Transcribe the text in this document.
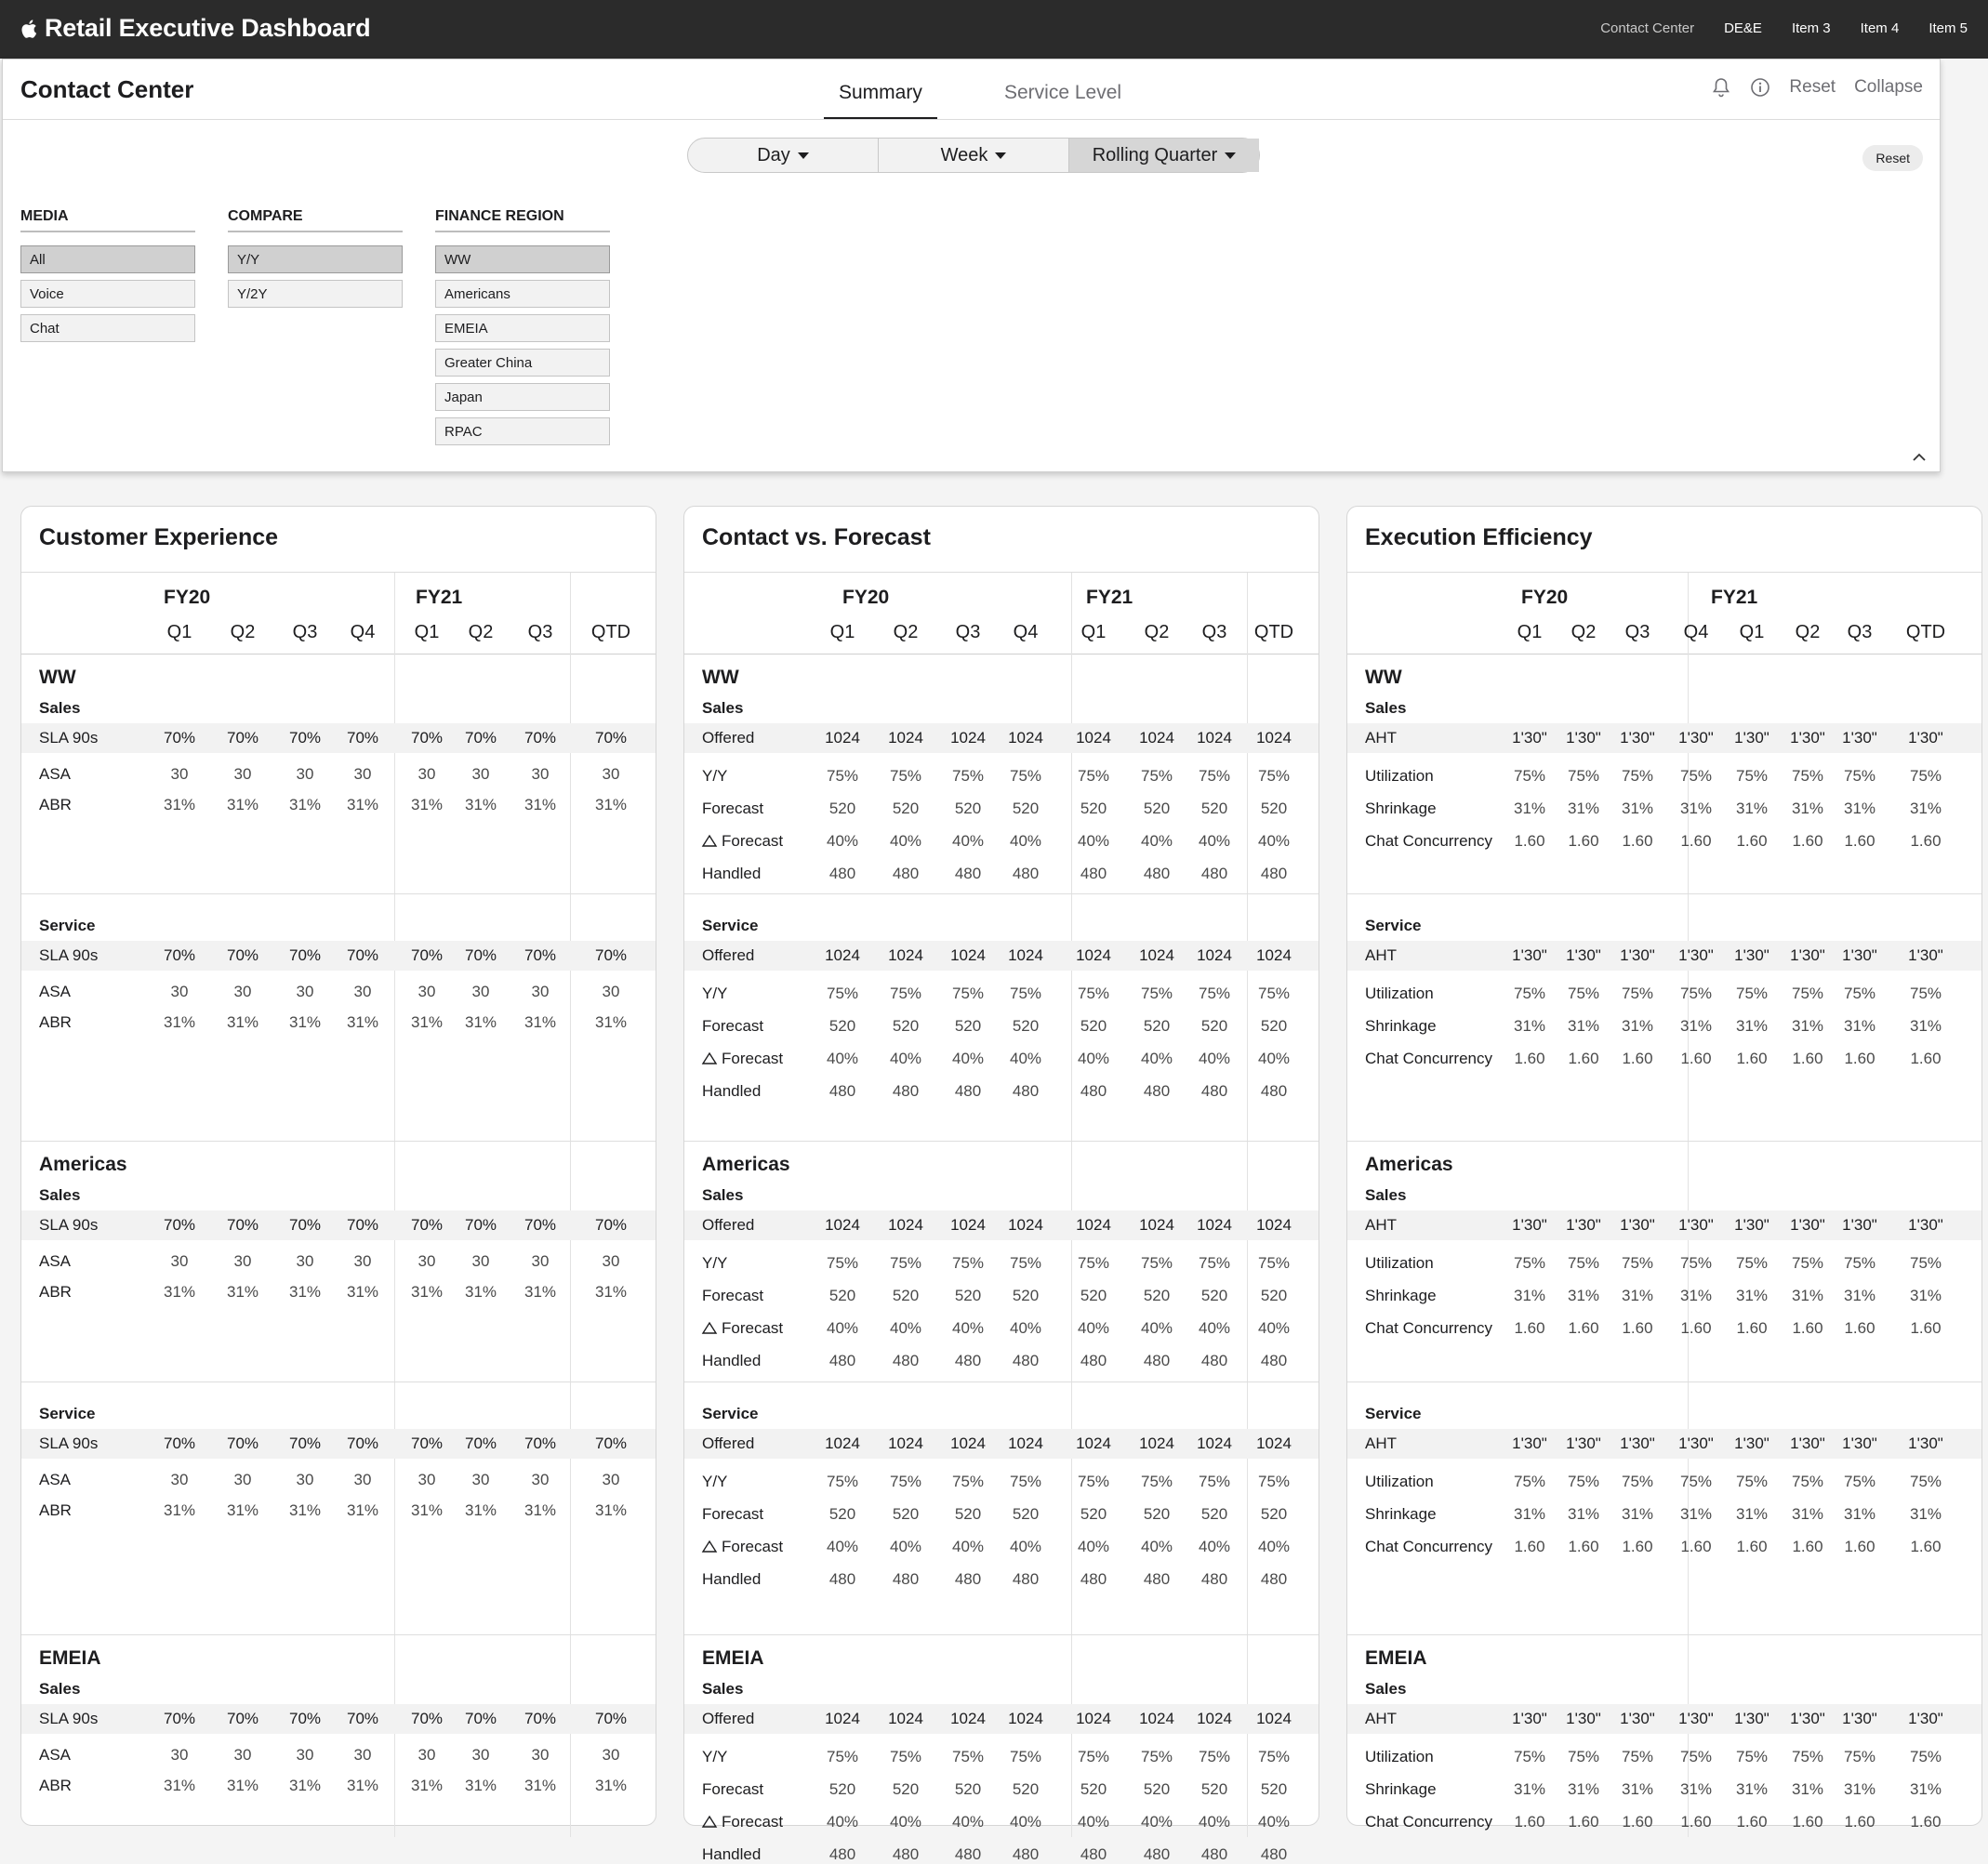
Retail Executive Dashboard	Contact Center DE&E Item 3 Item 4 Item 5
Contact Center	Summary	Service Level	Reset Collapse
Day	Week	Rolling Quarter	Reset
MEDIA
All
Voice
Chat
COMPARE
Y/Y
Y/2Y
FINANCE REGION
WW
Americans
EMEIA
Greater China
Japan
RPAC
Customer Experience
FY20	FY21
Q1	Q2	Q3	Q4	Q1	Q2	Q3	QTD
WW
Sales
SLA 90s	70%	70%	70%	70%	70%	70%	70%	70%
ASA	30	30	30	30	30	30	30	30
ABR	31%	31%	31%	31%	31%	31%	31%	31%
Service
SLA 90s	70%	70%	70%	70%	70%	70%	70%	70%
ASA	30	30	30	30	30	30	30	30
ABR	31%	31%	31%	31%	31%	31%	31%	31%
Americas
Sales
SLA 90s	70%	70%	70%	70%	70%	70%	70%	70%
ASA	30	30	30	30	30	30	30	30
ABR	31%	31%	31%	31%	31%	31%	31%	31%
Service
SLA 90s	70%	70%	70%	70%	70%	70%	70%	70%
ASA	30	30	30	30	30	30	30	30
ABR	31%	31%	31%	31%	31%	31%	31%	31%
EMEIA
Sales
SLA 90s	70%	70%	70%	70%	70%	70%	70%	70%
ASA	30	30	30	30	30	30	30	30
ABR	31%	31%	31%	31%	31%	31%	31%	31%
Contact vs. Forecast
FY20	FY21
Q1	Q2	Q3	Q4	Q1	Q2	Q3	QTD
WW
Sales
Offered	1024	1024	1024	1024	1024	1024	1024	1024
Y/Y	75%	75%	75%	75%	75%	75%	75%	75%
Forecast	520	520	520	520	520	520	520	520
Forecast	40%	40%	40%	40%	40%	40%	40%	40%
Handled	480	480	480	480	480	480	480	480
Service
Offered	1024	1024	1024	1024	1024	1024	1024	1024
Y/Y	75%	75%	75%	75%	75%	75%	75%	75%
Forecast	520	520	520	520	520	520	520	520
Forecast	40%	40%	40%	40%	40%	40%	40%	40%
Handled	480	480	480	480	480	480	480	480
Americas
Sales
Offered	1024	1024	1024	1024	1024	1024	1024	1024
Y/Y	75%	75%	75%	75%	75%	75%	75%	75%
Forecast	520	520	520	520	520	520	520	520
Forecast	40%	40%	40%	40%	40%	40%	40%	40%
Handled	480	480	480	480	480	480	480	480
Service
Offered	1024	1024	1024	1024	1024	1024	1024	1024
Y/Y	75%	75%	75%	75%	75%	75%	75%	75%
Forecast	520	520	520	520	520	520	520	520
Forecast	40%	40%	40%	40%	40%	40%	40%	40%
Handled	480	480	480	480	480	480	480	480
EMEIA
Sales
Offered	1024	1024	1024	1024	1024	1024	1024	1024
Y/Y	75%	75%	75%	75%	75%	75%	75%	75%
Forecast	520	520	520	520	520	520	520	520
Forecast	40%	40%	40%	40%	40%	40%	40%	40%
Handled	480	480	480	480	480	480	480	480
Execution Efficiency
FY20	FY21
Q1	Q2	Q3	Q4	Q1	Q2	Q3	QTD
WW
Sales
AHT	1'30"	1'30"	1'30"	1'30"	1'30"	1'30"	1'30"	1'30"
Utilization	75%	75%	75%	75%	75%	75%	75%	75%
Shrinkage	31%	31%	31%	31%	31%	31%	31%	31%
Chat Concurrency	1.60	1.60	1.60	1.60	1.60	1.60	1.60	1.60
Service
AHT	1'30"	1'30"	1'30"	1'30"	1'30"	1'30"	1'30"	1'30"
Utilization	75%	75%	75%	75%	75%	75%	75%	75%
Shrinkage	31%	31%	31%	31%	31%	31%	31%	31%
Chat Concurrency	1.60	1.60	1.60	1.60	1.60	1.60	1.60	1.60
Americas
Sales
AHT	1'30"	1'30"	1'30"	1'30"	1'30"	1'30"	1'30"	1'30"
Utilization	75%	75%	75%	75%	75%	75%	75%	75%
Shrinkage	31%	31%	31%	31%	31%	31%	31%	31%
Chat Concurrency	1.60	1.60	1.60	1.60	1.60	1.60	1.60	1.60
Service
AHT	1'30"	1'30"	1'30"	1'30"	1'30"	1'30"	1'30"	1'30"
Utilization	75%	75%	75%	75%	75%	75%	75%	75%
Shrinkage	31%	31%	31%	31%	31%	31%	31%	31%
Chat Concurrency	1.60	1.60	1.60	1.60	1.60	1.60	1.60	1.60
EMEIA
Sales
AHT	1'30"	1'30"	1'30"	1'30"	1'30"	1'30"	1'30"	1'30"
Utilization	75%	75%	75%	75%	75%	75%	75%	75%
Shrinkage	31%	31%	31%	31%	31%	31%	31%	31%
Chat Concurrency	1.60	1.60	1.60	1.60	1.60	1.60	1.60	1.60
